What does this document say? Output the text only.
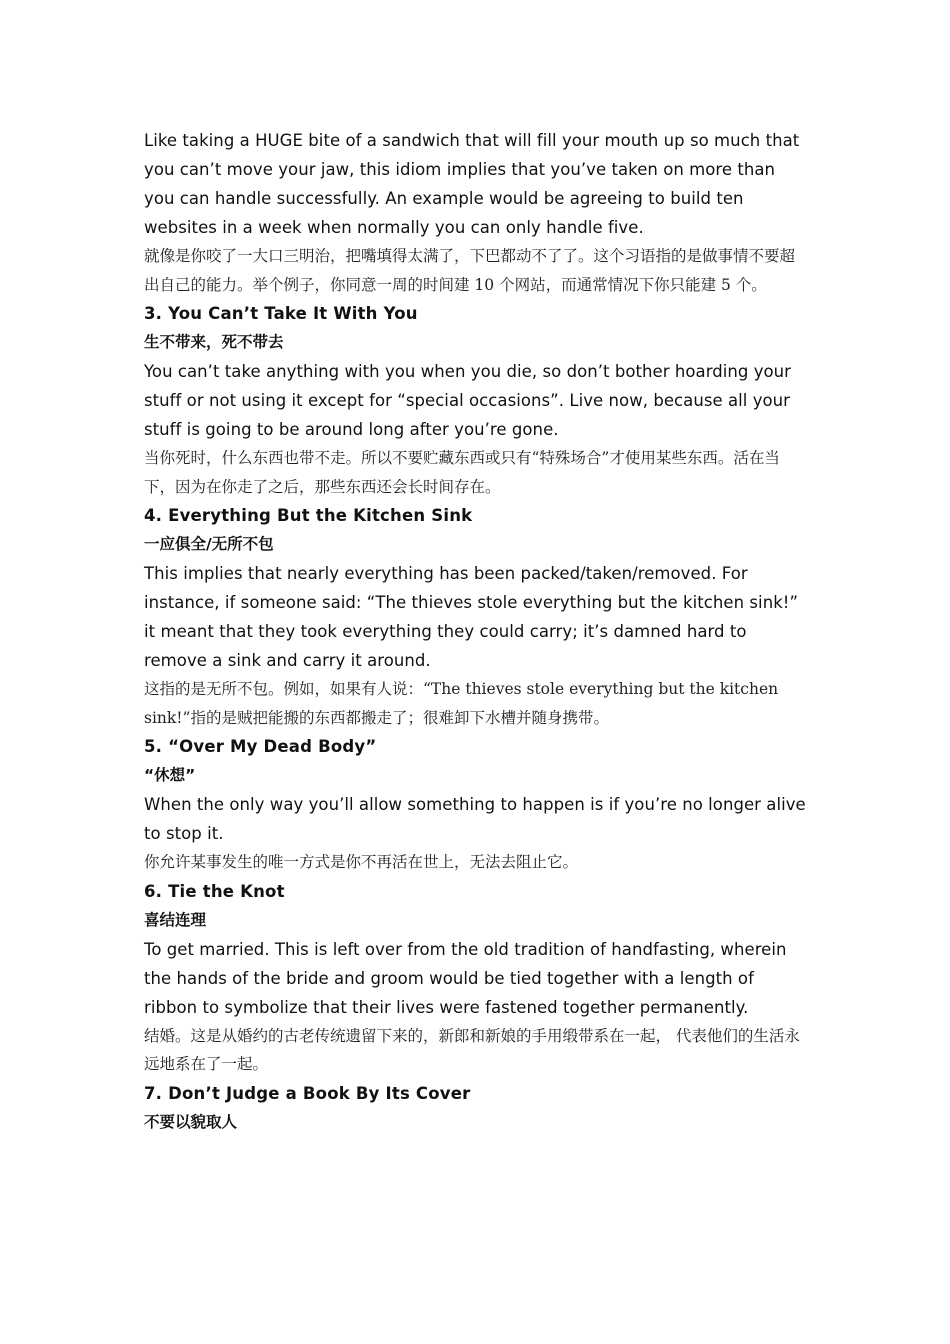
Like taking a HUGE bite of a sandwich that will fill your mouth up so much that you can’t move your jaw, this idiom implies that you’ve taken on more than you can handle successfully. An example would be agreeing to build ten websites in a week when normally you can only handle five.

就像是你咬了一大口三明治，把嘴填得太满了，下巴都动不了了。这个习语指的是做事情不要超出自己的能力。举个例子，你同意一周的时间建 10 个网站，而通常情况下你只能建 5 个。

3. You Can’t Take It With You

生不带来，死不带去

You can’t take anything with you when you die, so don’t bother hoarding your stuff or not using it except for “special occasions”. Live now, because all your stuff is going to be around long after you’re gone.

当你死时，什么东西也带不走。所以不要贮藏东西或只有“特殊场合”才使用某些东西。活在当下，因为在你走了之后，那些东西还会长时间存在。

4. Everything But the Kitchen Sink

一应俱全/无所不包

This implies that nearly everything has been packed/taken/removed. For instance, if someone said: “The thieves stole everything but the kitchen sink!” it meant that they took everything they could carry; it’s damned hard to remove a sink and carry it around.

这指的是无所不包。例如，如果有人说：“The thieves stole everything but the kitchen sink!”指的是贼把能搬的东西都搬走了；很难卸下水槽并随身携带。

5. “Over My Dead Body”

“休想”

When the only way you’ll allow something to happen is if you’re no longer alive to stop it.

你允许某事发生的唯一方式是你不再活在世上，无法去阻止它。

6. Tie the Knot

喜结连理

To get married. This is left over from the old tradition of handfasting, wherein the hands of the bride and groom would be tied together with a length of ribbon to symbolize that their lives were fastened together permanently.

结婚。这是从婚约的古老传统遗留下来的，新郎和新娘的手用缎带系在一起， 代表他们的生活永远地系在了一起。

7. Don’t Judge a Book By Its Cover

不要以貌取人
